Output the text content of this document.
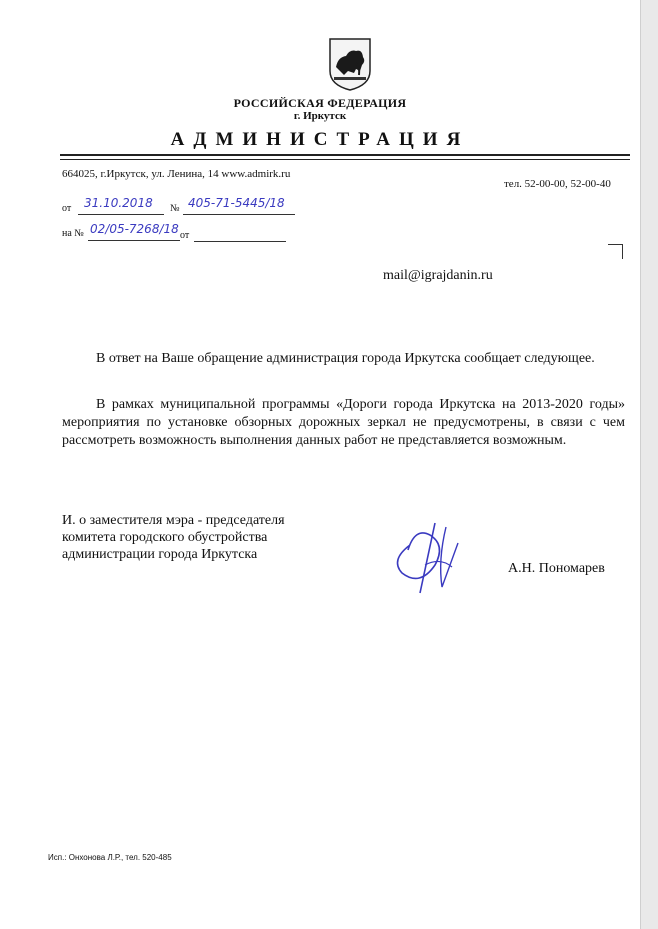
РОССИЙСКАЯ ФЕДЕРАЦИЯ
г. Иркутск
АДМИНИСТРАЦИЯ
664025, г.Иркутск, ул. Ленина, 14 www.admirk.ru
тел. 52-00-00, 52-00-40
от 31.10.2018 № 405-71-5445/18
на № 02/05-7268/18 от
mail@igrajdanin.ru
В ответ на Ваше обращение администрация города Иркутска сообщает следующее.
В рамках муниципальной программы «Дороги города Иркутска на 2013-2020 годы» мероприятия по установке обзорных дорожных зеркал не предусмотрены, в связи с чем рассмотреть возможность выполнения данных работ не представляется возможным.
И. о заместителя мэра - председателя
комитета городского обустройства
администрации города Иркутска
А.Н. Пономарев
Исп.: Онхонова Л.Р., тел. 520-485
